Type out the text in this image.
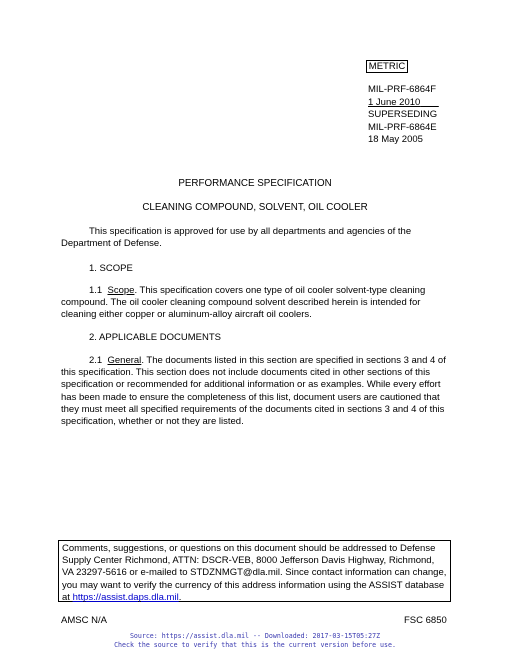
METRIC
MIL-PRF-6864F
1 June 2010
SUPERSEDING
MIL-PRF-6864E
18 May 2005
PERFORMANCE SPECIFICATION
CLEANING COMPOUND, SOLVENT, OIL COOLER
This specification is approved for use by all departments and agencies of the Department of Defense.
1. SCOPE
1.1 Scope. This specification covers one type of oil cooler solvent-type cleaning compound. The oil cooler cleaning compound solvent described herein is intended for cleaning either copper or aluminum-alloy aircraft oil coolers.
2. APPLICABLE DOCUMENTS
2.1 General. The documents listed in this section are specified in sections 3 and 4 of this specification. This section does not include documents cited in other sections of this specification or recommended for additional information or as examples. While every effort has been made to ensure the completeness of this list, document users are cautioned that they must meet all specified requirements of the documents cited in sections 3 and 4 of this specification, whether or not they are listed.
Comments, suggestions, or questions on this document should be addressed to Defense Supply Center Richmond, ATTN: DSCR-VEB, 8000 Jefferson Davis Highway, Richmond, VA 23297-5616 or e-mailed to STDZNMGT@dla.mil. Since contact information can change, you may want to verify the currency of this address information using the ASSIST database at https://assist.daps.dla.mil.
AMSC N/A	FSC 6850
Source: https://assist.dla.mil -- Downloaded: 2017-03-15T05:27Z
Check the source to verify that this is the current version before use.
